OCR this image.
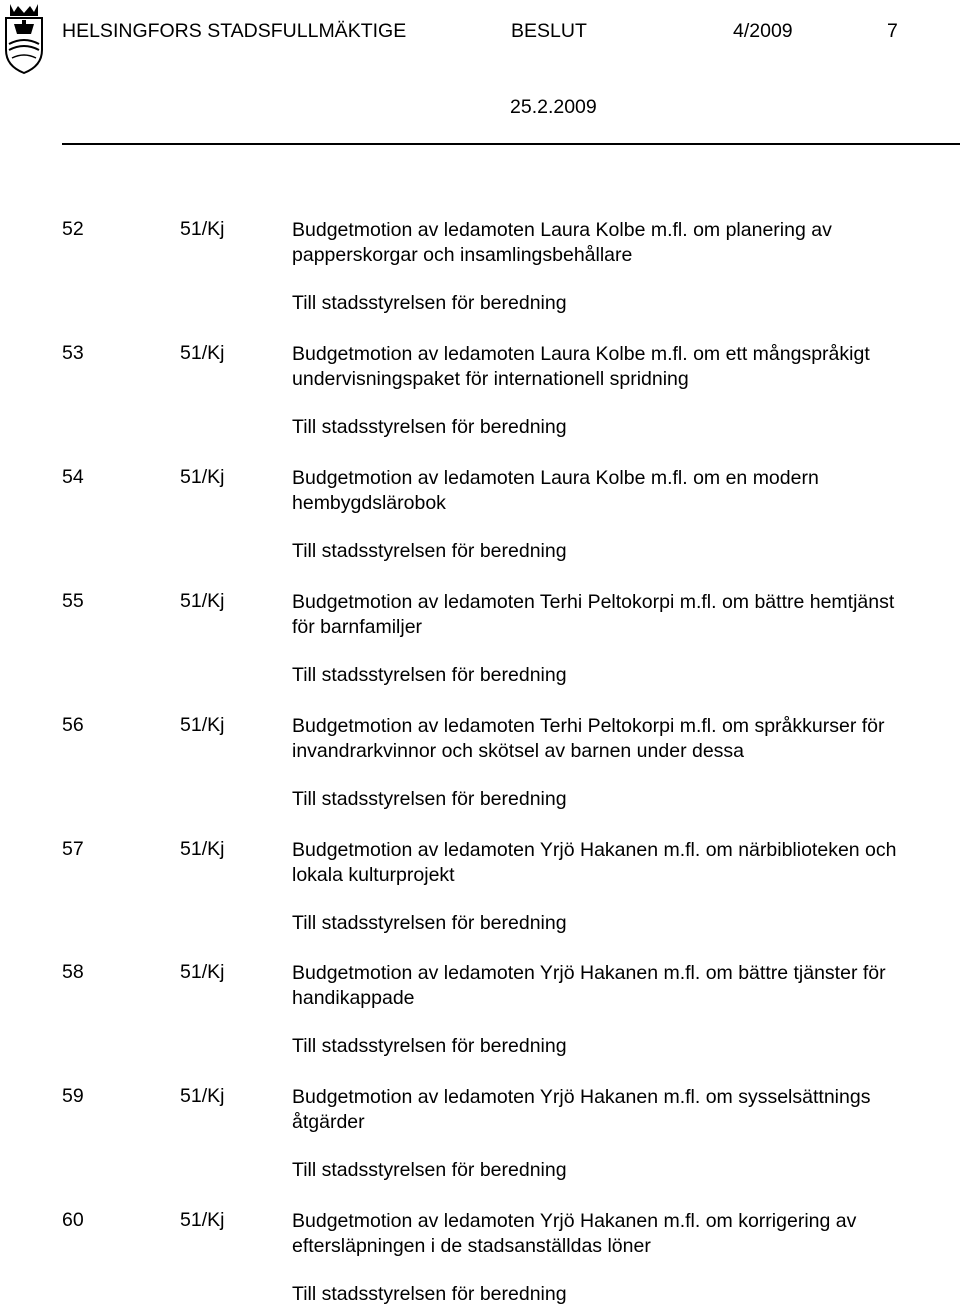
HELSINGFORS STADSFULLMÄKTIGE	BESLUT	4/2009	7
25.2.2009
52	51/Kj	Budgetmotion av ledamoten Laura Kolbe m.fl. om planering av
papperskorgar och insamlingsbehållare
Till stadsstyrelsen för beredning
53	51/Kj	Budgetmotion av ledamoten Laura Kolbe m.fl. om ett mångspråkigt
undervisningspaket för internationell spridning
Till stadsstyrelsen för beredning
54	51/Kj	Budgetmotion av ledamoten Laura Kolbe m.fl. om en modern
hembygdslärobok
Till stadsstyrelsen för beredning
55	51/Kj	Budgetmotion av ledamoten Terhi Peltokorpi m.fl. om bättre hemtjänst
för barnfamiljer
Till stadsstyrelsen för beredning
56	51/Kj	Budgetmotion av ledamoten Terhi Peltokorpi m.fl. om språkkurser för
invandrarkvinnor och skötsel av barnen under dessa
Till stadsstyrelsen för beredning
57	51/Kj	Budgetmotion av ledamoten Yrjö Hakanen m.fl. om närbiblioteken och
lokala kulturprojekt
Till stadsstyrelsen för beredning
58	51/Kj	Budgetmotion av ledamoten Yrjö Hakanen m.fl. om bättre tjänster för
handikappade
Till stadsstyrelsen för beredning
59	51/Kj	Budgetmotion av ledamoten Yrjö Hakanen m.fl. om sysselsättnings
åtgärder
Till stadsstyrelsen för beredning
60	51/Kj	Budgetmotion av ledamoten Yrjö Hakanen m.fl. om korrigering av
eftersläpningen i de stadsanställdas löner
Till stadsstyrelsen för beredning
